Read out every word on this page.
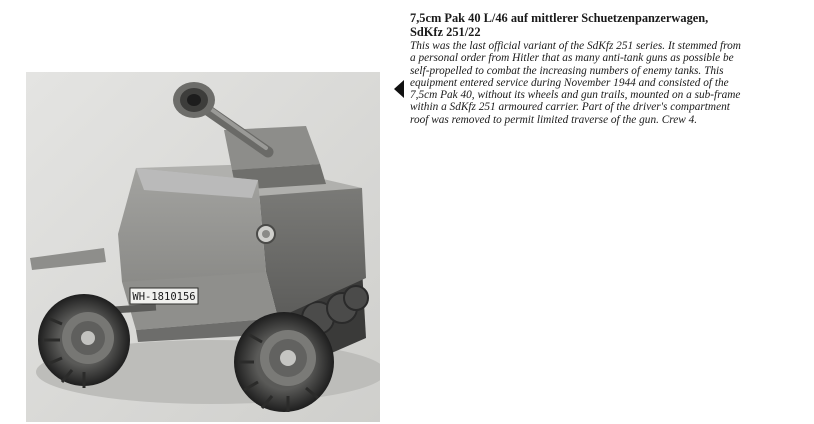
WH-1810156
7,5cm Pak 40 L/46 auf mittlerer Schuetzenpanzerwagen,
SdKfz 251/22

This was the last official variant of the SdKfz 251 series. It stemmed from
a personal order from Hitler that as many anti-tank guns as possible be
self-propelled to combat the increasing numbers of enemy tanks. This
equipment entered service during November 1944 and consisted of the
7,5cm Pak 40, without its wheels and gun trails, mounted on a sub-frame
within a SdKfz 251 armoured carrier. Part of the driver's compartment
roof was removed to permit limited traverse of the gun. Crew 4.
